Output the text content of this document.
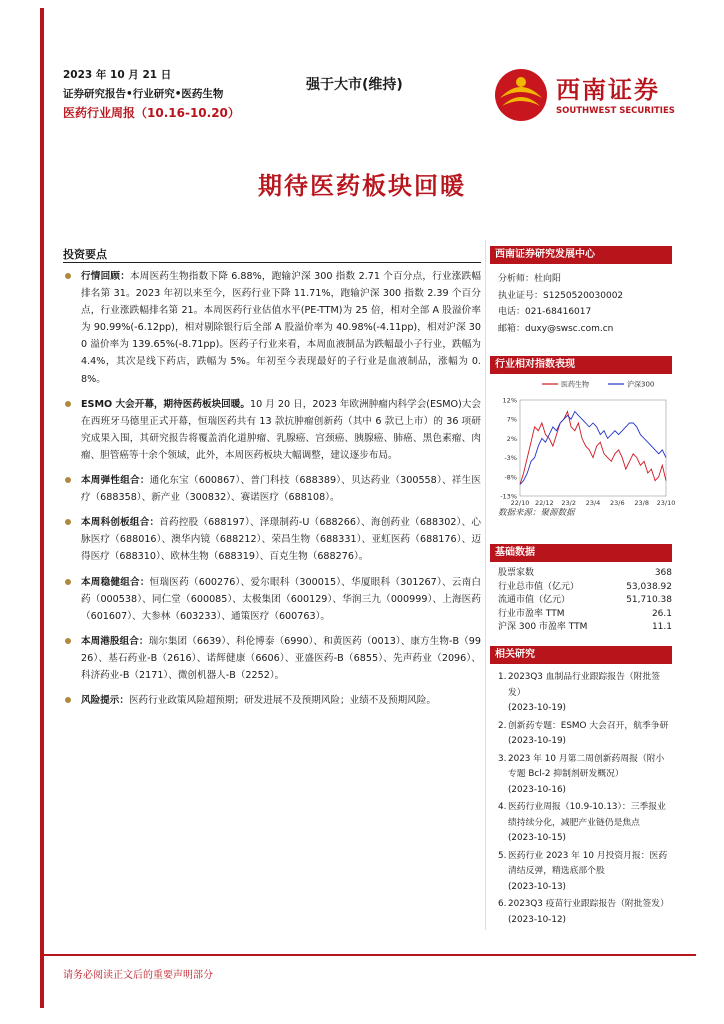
2023 年 10 月 21 日
证券研究报告•行业研究•医药生物
医药行业周报（10.16-10.20）
强于大市(维持)	西南证券
SOUTHWEST SECURITIES
期待医药板块回暖
投资要点
行情回顾：本周医药生物指数下降 6.88%，跑输沪深 300 指数 2.71 个百分点，行业涨跌幅排名第 31。2023 年初以来至今，医药行业下降 11.71%，跑输沪深 300 指数 2.39 个百分点，行业涨跌幅排名第 21。本周医药行业估值水平(PE-TTM)为 25 倍，相对全部 A 股溢价率为 90.99%(-6.12pp)，相对剔除银行后全部 A 股溢价率为 40.98%(-4.11pp)，相对沪深 300 溢价率为 139.65%(-8.71pp)。医药子行业来看，本周血液制品为跌幅最小子行业，跌幅为 4.4%，其次是线下药店，跌幅为 5%。年初至今表现最好的子行业是血液制品，涨幅为 0.8%。
ESMO 大会开幕，期待医药板块回暖。10 月 20 日，2023 年欧洲肿瘤内科学会(ESMO)大会在西班牙马德里正式开幕，恒瑞医药共有 13 款抗肿瘤创新药（其中 6 款已上市）的 36 项研究成果入围，其研究报告将覆盖消化道肿瘤、乳腺癌、宫颈癌、胰腺癌、肺癌、黑色素瘤、肉瘤、胆管癌等十余个领域，此外，本周医药板块大幅调整，建议逐步布局。
本周弹性组合：通化东宝（600867）、普门科技（688389）、贝达药业（300558）、祥生医疗（688358）、新产业（300832）、赛诺医疗（688108）。
本周科创板组合：首药控股（688197）、泽璟制药-U（688266）、海创药业（688302）、心脉医疗（688016）、澳华内镜（688212）、荣昌生物（688331）、亚虹医药（688176）、迈得医疗（688310）、欧林生物（688319）、百克生物（688276）。
本周稳健组合：恒瑞医药（600276）、爱尔眼科（300015）、华厦眼科（301267）、云南白药（000538）、同仁堂（600085）、太极集团（600129）、华润三九（000999）、上海医药（601607）、大参林（603233）、通策医疗（600763）。
本周港股组合：瑞尔集团（6639）、科伦博泰（6990）、和黄医药（0013）、康方生物-B（9926）、基石药业-B（2616）、诺辉健康（6606）、亚盛医药-B（6855）、先声药业（2096）、科济药业-B（2171）、微创机器人-B（2252）。
风险提示：医药行业政策风险超预期；研发进展不及预期风险；业绩不及预期风险。
西南证券研究发展中心
分析师：杜向阳
执业证号：S1250520030002
电话：021-68416017
邮箱：duxy@swsc.com.cn
行业相对指数表现
12%
7%
2%
-3%
-8%
-13%
22/10 22/12 23/2 23/4 23/6 23/8 23/10
医药生物	沪深300
数据来源：聚源数据
基础数据
股票家数	368
行业总市值（亿元）	53,038.92
流通市值（亿元）	51,710.38
行业市盈率 TTM	26.1
沪深 300 市盈率 TTM	11.1
相关研究
1. 2023Q3 血制品行业跟踪报告（附批签发）
(2023-10-19)
2. 创新药专题：ESMO 大会召开，航季争研
(2023-10-19)
3. 2023 年 10 月第二周创新药周报（附小专题 Bcl-2 抑制剂研发概况）
(2023-10-16)
4. 医药行业周报（10.9-10.13）：三季报业绩持续分化，减肥产业链仍是焦点
(2023-10-15)
5. 医药行业 2023 年 10 月投资月报：医药清结反弹，精选底部个股
(2023-10-13)
6. 2023Q3 疫苗行业跟踪报告（附批签发）
(2023-10-12)
请务必阅读正文后的重要声明部分
